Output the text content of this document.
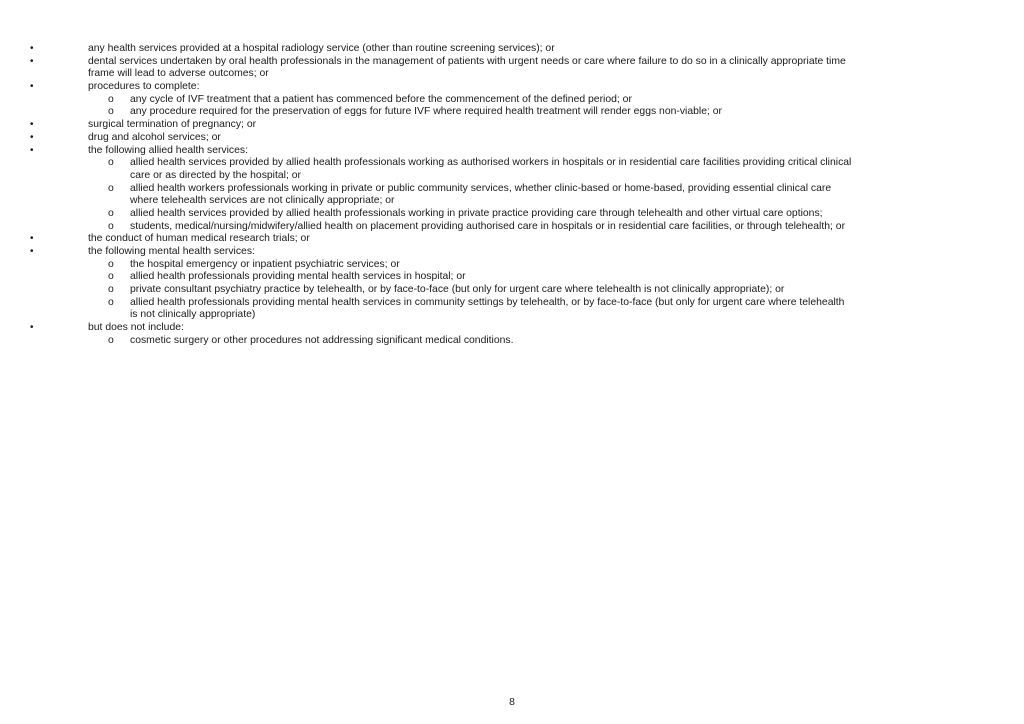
•	any health services provided at a hospital radiology service (other than routine screening services); or
•	dental services undertaken by oral health professionals in the management of patients with urgent needs or care where failure to do so in a clinically appropriate time
frame will lead to adverse outcomes; or
•	procedures to complete:
o any cycle of IVF treatment that a patient has commenced before the commencement of the defined period; or
o any procedure required for the preservation of eggs for future IVF where required health treatment will render eggs non-viable; or
•	surgical termination of pregnancy; or
•	drug and alcohol services; or
•	the following allied health services:
o allied health services provided by allied health professionals working as authorised workers in hospitals or in residential care facilities providing critical clinical
care or as directed by the hospital; or
o allied health workers professionals working in private or public community services, whether clinic-based or home-based, providing essential clinical care
where telehealth services are not clinically appropriate; or
o allied health services provided by allied health professionals working in private practice providing care through telehealth and other virtual care options;
o students, medical/nursing/midwifery/allied health on placement providing authorised care in hospitals or in residential care facilities, or through telehealth; or
•	the conduct of human medical research trials; or
•	the following mental health services:
o the hospital emergency or inpatient psychiatric services; or
o allied health professionals providing mental health services in hospital; or
o private consultant psychiatry practice by telehealth, or by face-to-face (but only for urgent care where telehealth is not clinically appropriate); or
o allied health professionals providing mental health services in community settings by telehealth, or by face-to-face (but only for urgent care where telehealth
is not clinically appropriate)
•	but does not include:
o cosmetic surgery or other procedures not addressing significant medical conditions.
8
